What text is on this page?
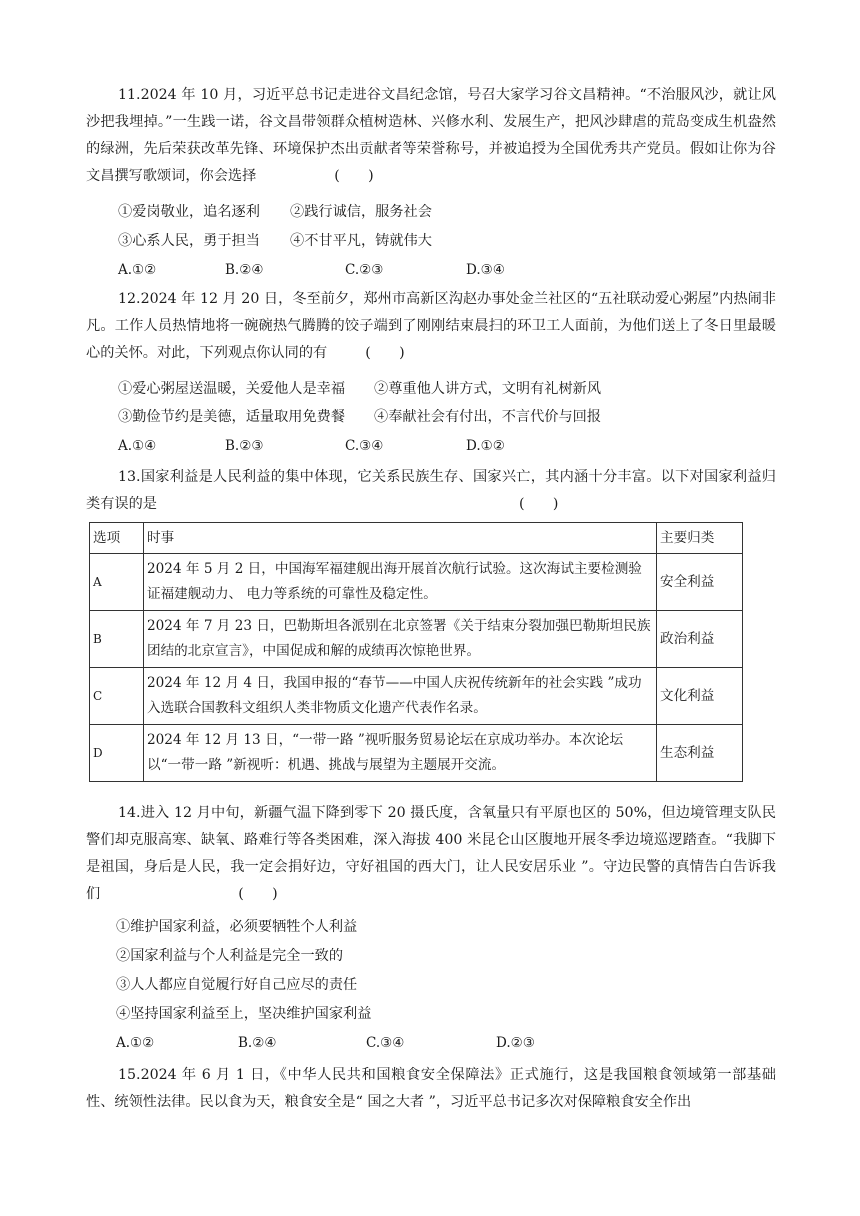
11.2024 年 10 月，习近平总书记走进谷文昌纪念馆，号召大家学习谷文昌精神。“不治服风沙，就让风沙把我埋掉。”一生践一诺，谷文昌带领群众植树造林、兴修水利、发展生产，把风沙肆虐的荒岛变成生机盎然的绿洲，先后荣获改革先锋、环境保护杰出贡献者等荣誉称号，并被追授为全国优秀共产党员。假如让你为谷文昌撰写歌颂词，你会选择	(　　)
①爱岗敬业，追名逐利 ②践行诚信，服务社会
③心系人民，勇于担当 ④不甘平凡，铸就伟大
A.①②	B.②④	C.②③	D.③④
12.2024 年 12 月 20 日，冬至前夕，郑州市高新区沟赵办事处金兰社区的“五社联动爱心粥屋”内热闹非凡。工作人员热情地将一碗碗热气腾腾的饺子端到了刚刚结束晨扫的环卫工人面前，为他们送上了冬日里最暖心的关怀。对此，下列观点你认同的有	(　　)
①爱心粥屋送温暖，关爱他人是幸福 ②尊重他人讲方式，文明有礼树新风
③勤俭节约是美德，适量取用免费餐 ④奉献社会有付出，不言代价与回报
A.①④	B.②③	C.③④	D.①②
13.国家利益是人民利益的集中体现，它关系民族生存、国家兴亡，其内涵十分丰富。以下对国家利益归类有误的是	(　　)
选项	时事	主要归类
A	2024 年 5 月 2 日，中国海军福建舰出海开展首次航行试验。这次海试主要检测验证福建舰动力、 电力等系统的可靠性及稳定性。	安全利益
B	2024 年 7 月 23 日，巴勒斯坦各派别在北京签署《关于结束分裂加强巴勒斯坦民族团结的北京宣言》，中国促成和解的成绩再次惊艳世界。	政治利益
C	2024 年 12 月 4 日，我国申报的“春节——中国人庆祝传统新年的社会实践 ”成功入选联合国教科文组织人类非物质文化遗产代表作名录。	文化利益
D	2024 年 12 月 13 日，“一带一路 ”视听服务贸易论坛在京成功举办。本次论坛以“一带一路 ”新视听：机遇、挑战与展望为主题展开交流。	生态利益
14.进入 12 月中旬，新疆气温下降到零下 20 摄氏度，含氧量只有平原也区的 50%，但边境管理支队民警们却克服高寒、缺氧、路难行等各类困难，深入海拔 400 米昆仑山区腹地开展冬季边境巡逻踏查。“我脚下是祖国，身后是人民，我一定会捐好边，守好祖国的西大门，让人民安居乐业 ”。守边民警的真情告白告诉我们	(　　)
①维护国家利益，必须要牺牲个人利益
②国家利益与个人利益是完全一致的
③人人都应自觉履行好自己应尽的责任
④坚持国家利益至上，坚决维护国家利益
A.①②	B.②④	C.③④	D.②③
15.2024 年 6 月 1 日，《中华人民共和国粮食安全保障法》正式施行，这是我国粮食领域第一部基础性、统领性法律。民以食为天，粮食安全是“ 国之大者 ”，习近平总书记多次对保障粮食安全作出
